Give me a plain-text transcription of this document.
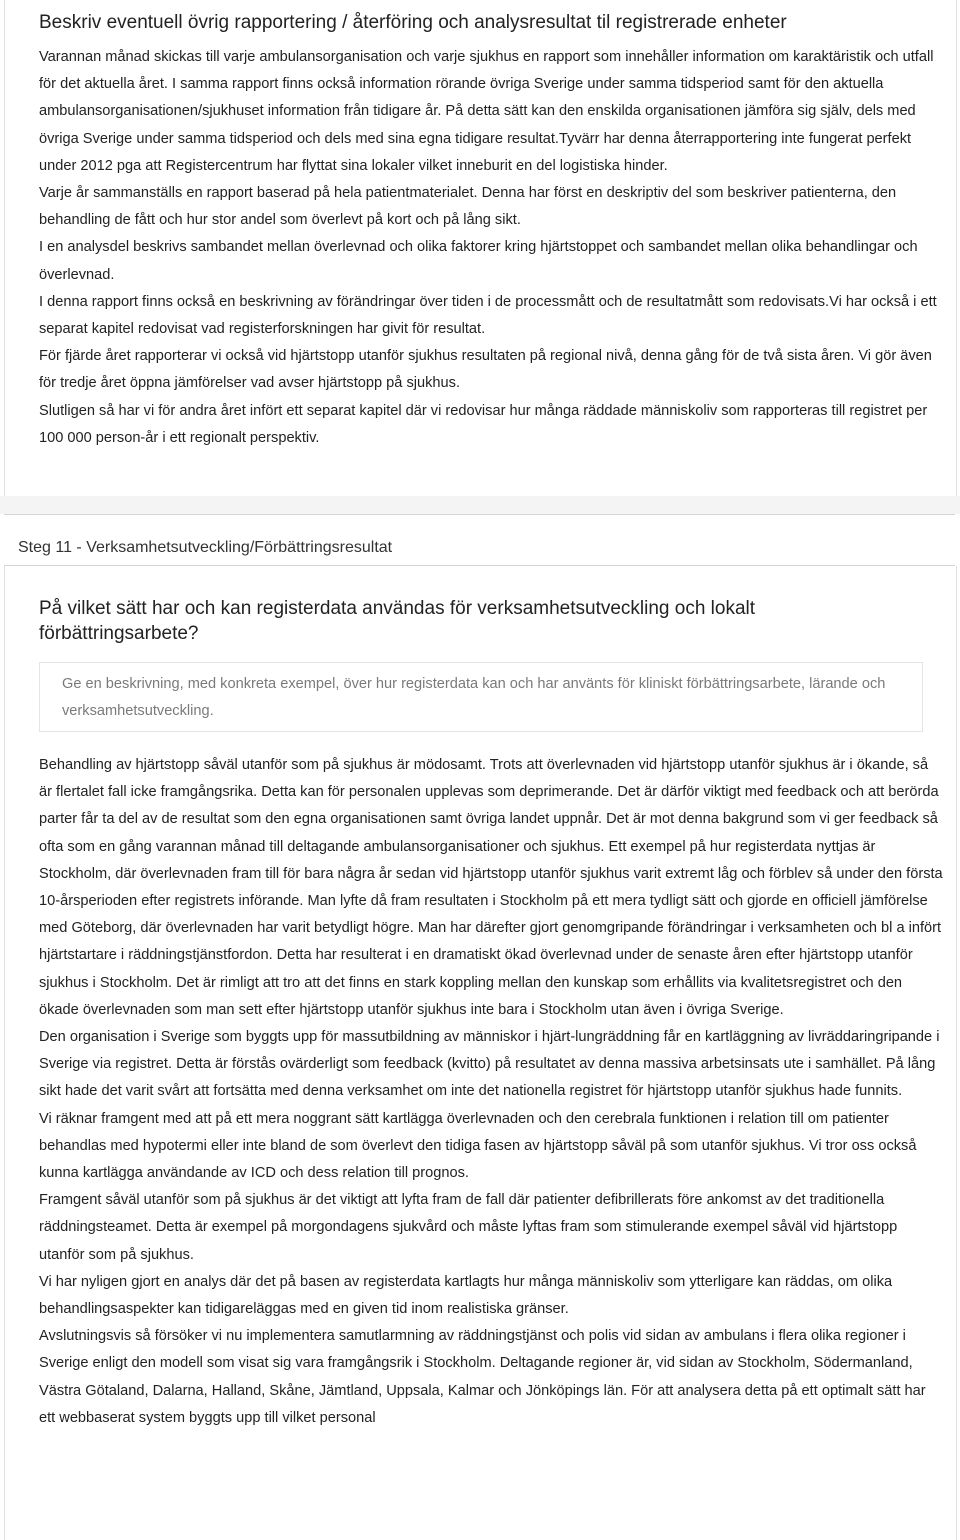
Beskriv eventuell övrig rapportering / återföring och analysresultat til registrerade enheter

Varannan månad skickas till varje ambulansorganisation och varje sjukhus en rapport som innehåller information om karaktäristik och utfall för det aktuella året. I samma rapport finns också information rörande övriga Sverige under samma tidsperiod samt för den aktuella ambulansorganisationen/sjukhuset information från tidigare år. På detta sätt kan den enskilda organisationen jämföra sig själv, dels med övriga Sverige under samma tidsperiod och dels med sina egna tidigare resultat.Tyvärr har denna återrapportering inte fungerat perfekt under 2012 pga att Registercentrum har flyttat sina lokaler vilket inneburit en del logistiska hinder.

Varje år sammanställs en rapport baserad på hela patientmaterialet. Denna har först en deskriptiv del som beskriver patienterna, den behandling de fått och hur stor andel som överlevt på kort och på lång sikt.

I en analysdel beskrivs sambandet mellan överlevnad och olika faktorer kring hjärtstoppet och sambandet mellan olika behandlingar och överlevnad.

I denna rapport finns också en beskrivning av förändringar över tiden i de processmått och de resultatmått som redovisats.Vi har också i ett separat kapitel redovisat vad registerforskningen har givit för resultat.

För fjärde året rapporterar vi också vid hjärtstopp utanför sjukhus resultaten på regional nivå, denna gång för de två sista åren. Vi gör även för tredje året öppna jämförelser vad avser hjärtstopp på sjukhus.

Slutligen så har vi för andra året infört ett separat kapitel där vi redovisar hur många räddade människoliv som rapporteras till registret per 100 000 person-år i ett regionalt perspektiv.

Steg 11 - Verksamhetsutveckling/Förbättringsresultat
På vilket sätt har och kan registerdata användas för verksamhetsutveckling och lokalt förbättringsarbete?
Ge en beskrivning, med konkreta exempel, över hur registerdata kan och har använts för kliniskt förbättringsarbete, lärande och verksamhetsutveckling.

Behandling av hjärtstopp såväl utanför som på sjukhus är mödosamt. Trots att överlevnaden vid hjärtstopp utanför sjukhus är i ökande, så är flertalet fall icke framgångsrika. Detta kan för personalen upplevas som deprimerande. Det är därför viktigt med feedback och att berörda parter får ta del av de resultat som den egna organisationen samt övriga landet uppnår. Det är mot denna bakgrund som vi ger feedback så ofta som en gång varannan månad till deltagande ambulansorganisationer och sjukhus. Ett exempel på hur registerdata nyttjas är Stockholm, där överlevnaden fram till för bara några år sedan vid hjärtstopp utanför sjukhus varit extremt låg och förblev så under den första 10-årsperioden efter registrets införande. Man lyfte då fram resultaten i Stockholm på ett mera tydligt sätt och gjorde en officiell jämförelse med Göteborg, där överlevnaden har varit betydligt högre. Man har därefter gjort genomgripande förändringar i verksamheten och bl a infört hjärtstartare i räddningstjänstfordon. Detta har resulterat i en dramatiskt ökad överlevnad under de senaste åren efter hjärtstopp utanför sjukhus i Stockholm. Det är rimligt att tro att det finns en stark koppling mellan den kunskap som erhållits via kvalitetsregistret och den ökade överlevnaden som man sett efter hjärtstopp utanför sjukhus inte bara i Stockholm utan även i övriga Sverige.

Den organisation i Sverige som byggts upp för massutbildning av människor i hjärt-lungräddning får en kartläggning av livräddaringripande i Sverige via registret. Detta är förstås ovärderligt som feedback (kvitto) på resultatet av denna massiva arbetsinsats ute i samhället. På lång sikt hade det varit svårt att fortsätta med denna verksamhet om inte det nationella registret för hjärtstopp utanför sjukhus hade funnits.

Vi räknar framgent med att på ett mera noggrant sätt kartlägga överlevnaden och den cerebrala funktionen i relation till om patienter behandlas med hypotermi eller inte bland de som överlevt den tidiga fasen av hjärtstopp såväl på som utanför sjukhus. Vi tror oss också kunna kartlägga användande av ICD och dess relation till prognos.

Framgent såväl utanför som på sjukhus är det viktigt att lyfta fram de fall där patienter defibrillerats före ankomst av det traditionella räddningsteamet. Detta är exempel på morgondagens sjukvård och måste lyftas fram som stimulerande exempel såväl vid hjärtstopp utanför som på sjukhus.

Vi har nyligen gjort en analys där det på basen av registerdata kartlagts hur många människoliv som ytterligare kan räddas, om olika behandlingsaspekter kan tidigareläggas med en given tid inom realistiska gränser.

Avslutningsvis så försöker vi nu implementera samutlarmning av räddningstjänst och polis vid sidan av ambulans i flera olika regioner i Sverige enligt den modell som visat sig vara framgångsrik i Stockholm. Deltagande regioner är, vid sidan av Stockholm, Södermanland, Västra Götaland, Dalarna, Halland, Skåne, Jämtland, Uppsala, Kalmar och Jönköpings län. För att analysera detta på ett optimalt sätt har ett webbaserat system byggts upp till vilket personal
